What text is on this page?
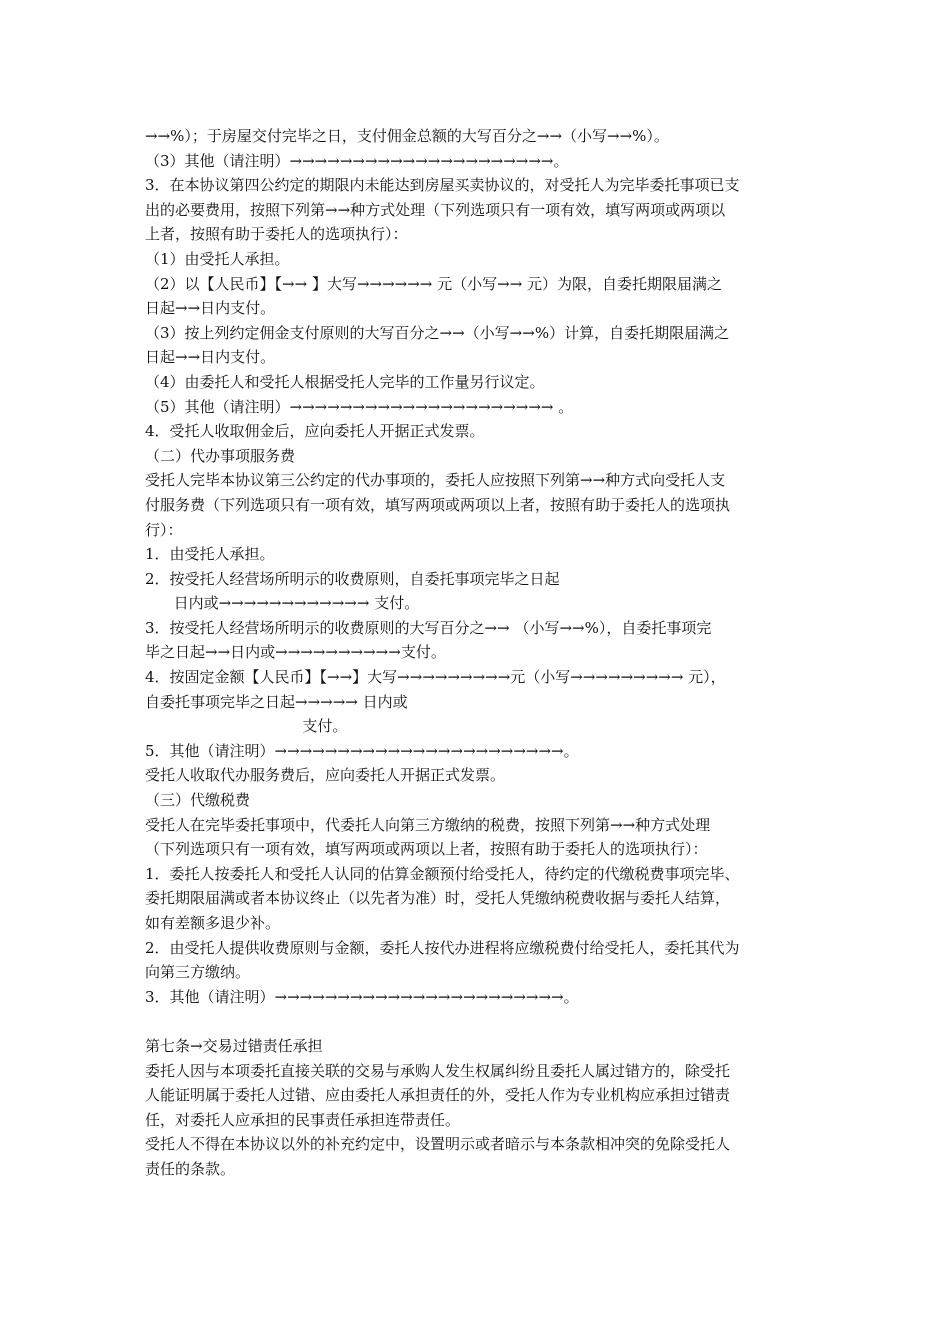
→→%）；于房屋交付完毕之日，支付佣金总额的大写百分之→→（小写→→%）。
（3）其他（请注明）→→→→→→→→→→→→→→→→→→→→→。
3．在本协议第四公约定的期限内未能达到房屋买卖协议的，对受托人为完毕委托事项已支
出的必要费用，按照下列第→→种方式处理（下列选项只有一项有效，填写两项或两项以
上者，按照有助于委托人的选项执行）：
（1）由受托人承担。
（2）以【人民币】【→→ 】大写→→→→→→ 元（小写→→ 元）为限，自委托期限届满之
日起→→日内支付。
（3）按上列约定佣金支付原则的大写百分之→→（小写→→%）计算，自委托期限届满之
日起→→日内支付。
（4）由委托人和受托人根据受托人完毕的工作量另行议定。
（5）其他（请注明）→→→→→→→→→→→→→→→→→→→→→ 。
4．受托人收取佣金后，应向委托人开据正式发票。
（二）代办事项服务费
受托人完毕本协议第三公约定的代办事项的，委托人应按照下列第→→种方式向受托人支
付服务费（下列选项只有一项有效，填写两项或两项以上者，按照有助于委托人的选项执
行）：
1．由受托人承担。
2．按受托人经营场所明示的收费原则，自委托事项完毕之日起
日内或→→→→→→→→→→→→ 支付。
3．按受托人经营场所明示的收费原则的大写百分之→→ （小写→→%），自委托事项完
毕之日起→→日内或→→→→→→→→→→支付。
4．按固定金额【人民币】【→→】大写→→→→→→→→→元（小写→→→→→→→→→ 元），
自委托事项完毕之日起→→→→→ 日内或
支付。
5．其他（请注明）→→→→→→→→→→→→→→→→→→→→→→→。
受托人收取代办服务费后，应向委托人开据正式发票。
（三）代缴税费
受托人在完毕委托事项中，代委托人向第三方缴纳的税费，按照下列第→→种方式处理
（下列选项只有一项有效，填写两项或两项以上者，按照有助于委托人的选项执行）：
1．委托人按委托人和受托人认同的估算金额预付给受托人，待约定的代缴税费事项完毕、
委托期限届满或者本协议终止（以先者为准）时，受托人凭缴纳税费收据与委托人结算，
如有差额多退少补。
2．由受托人提供收费原则与金额，委托人按代办进程将应缴税费付给受托人，委托其代为
向第三方缴纳。
3．其他（请注明）→→→→→→→→→→→→→→→→→→→→→→→。
第七条→交易过错责任承担
委托人因与本项委托直接关联的交易与承购人发生权属纠纷且委托人属过错方的，除受托
人能证明属于委托人过错、应由委托人承担责任的外，受托人作为专业机构应承担过错责
任，对委托人应承担的民事责任承担连带责任。
受托人不得在本协议以外的补充约定中，设置明示或者暗示与本条款相冲突的免除受托人
责任的条款。
